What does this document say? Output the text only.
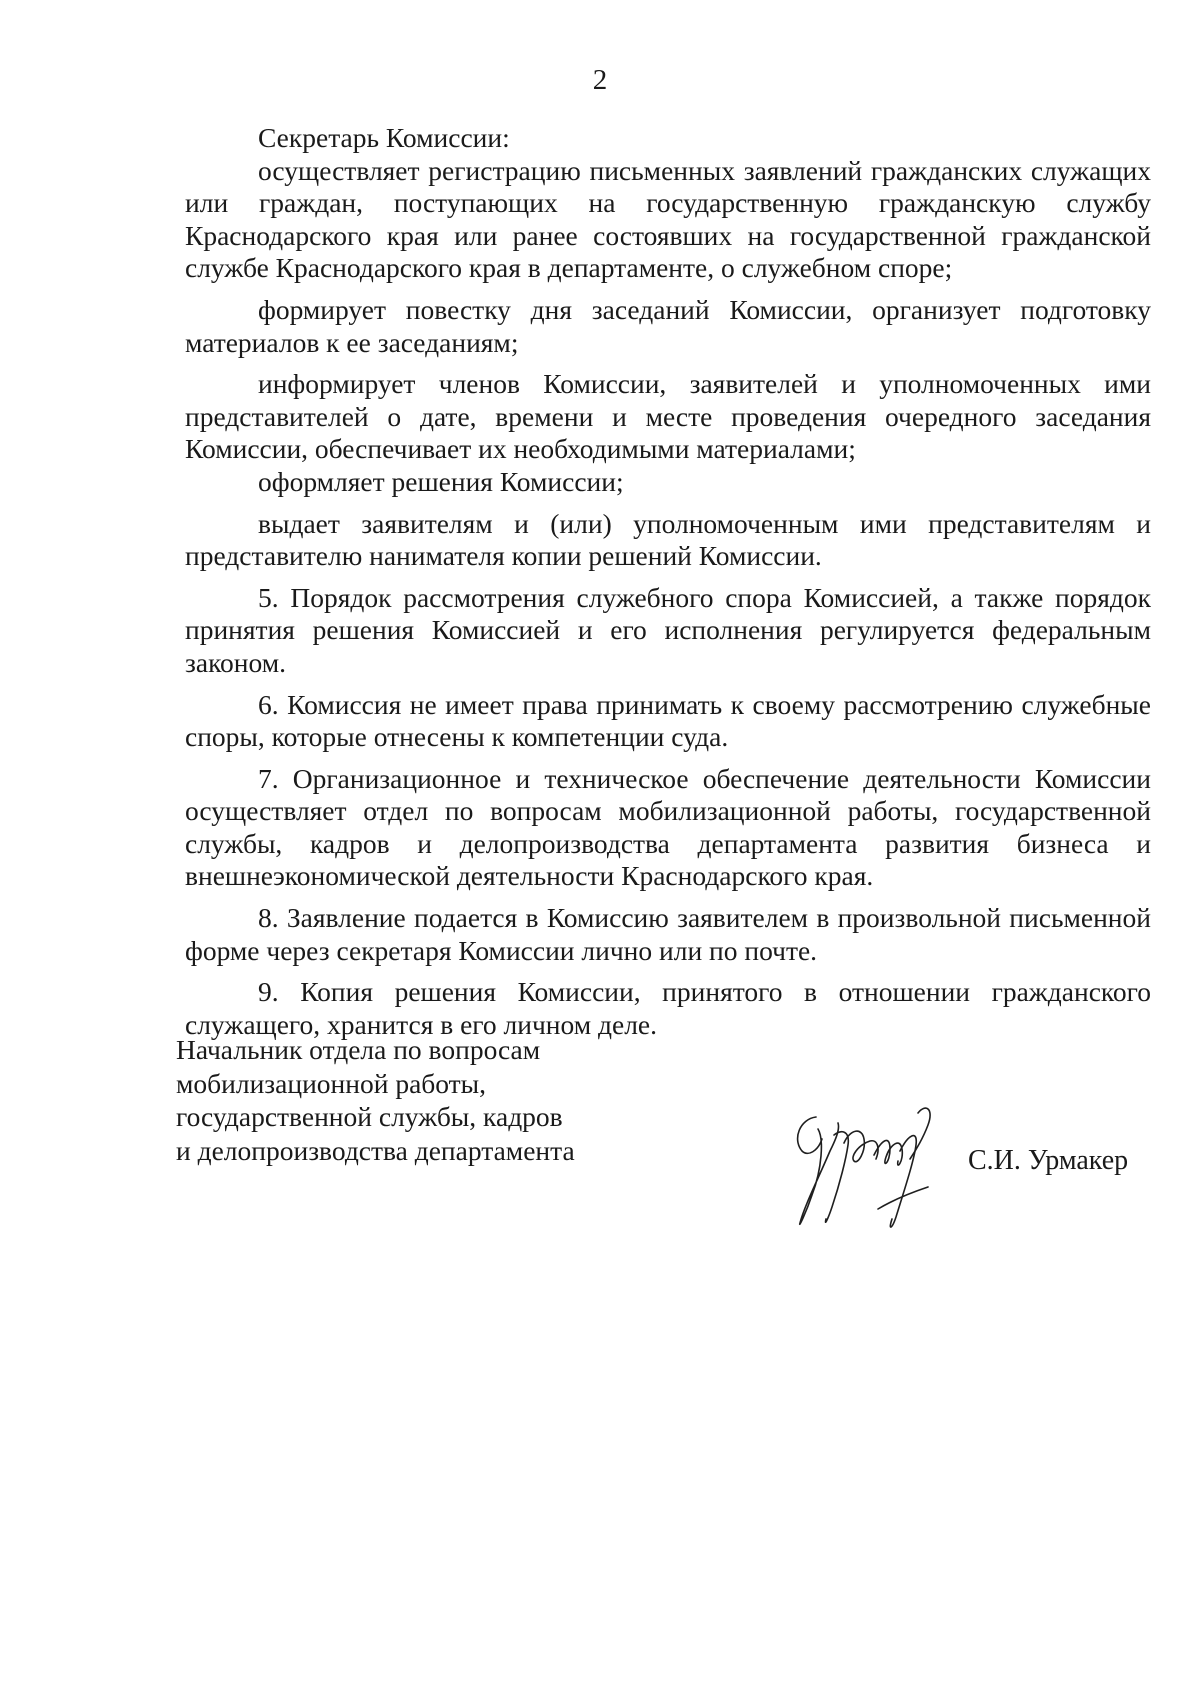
2

Секретарь Комиссии:

осуществляет регистрацию письменных заявлений гражданских служащих или граждан, поступающих на государственную гражданскую службу Краснодарского края или ранее состоявших на государственной гражданской службе Краснодарского края в департаменте, о служебном споре;

формирует повестку дня заседаний Комиссии, организует подготовку материалов к ее заседаниям;

информирует членов Комиссии, заявителей и уполномоченных ими представителей о дате, времени и месте проведения очередного заседания Комиссии, обеспечивает их необходимыми материалами;

оформляет решения Комиссии;

выдает заявителям и (или) уполномоченным ими представителям и представителю нанимателя копии решений Комиссии.

5. Порядок рассмотрения служебного спора Комиссией, а также порядок принятия решения Комиссией и его исполнения регулируется федеральным законом.

6. Комиссия не имеет права принимать к своему рассмотрению служебные споры, которые отнесены к компетенции суда.

7. Организационное и техническое обеспечение деятельности Комиссии осуществляет отдел по вопросам мобилизационной работы, государственной службы, кадров и делопроизводства департамента развития бизнеса и внешнеэкономической деятельности Краснодарского края.

8. Заявление подается в Комиссию заявителем в произвольной письменной форме через секретаря Комиссии лично или по почте.

9. Копия решения Комиссии, принятого в отношении гражданского служащего, хранится в его личном деле.

Начальник отдела по вопросам
мобилизационной работы,
государственной службы, кадров
и делопроизводства департамента	С.И. Урмакер
